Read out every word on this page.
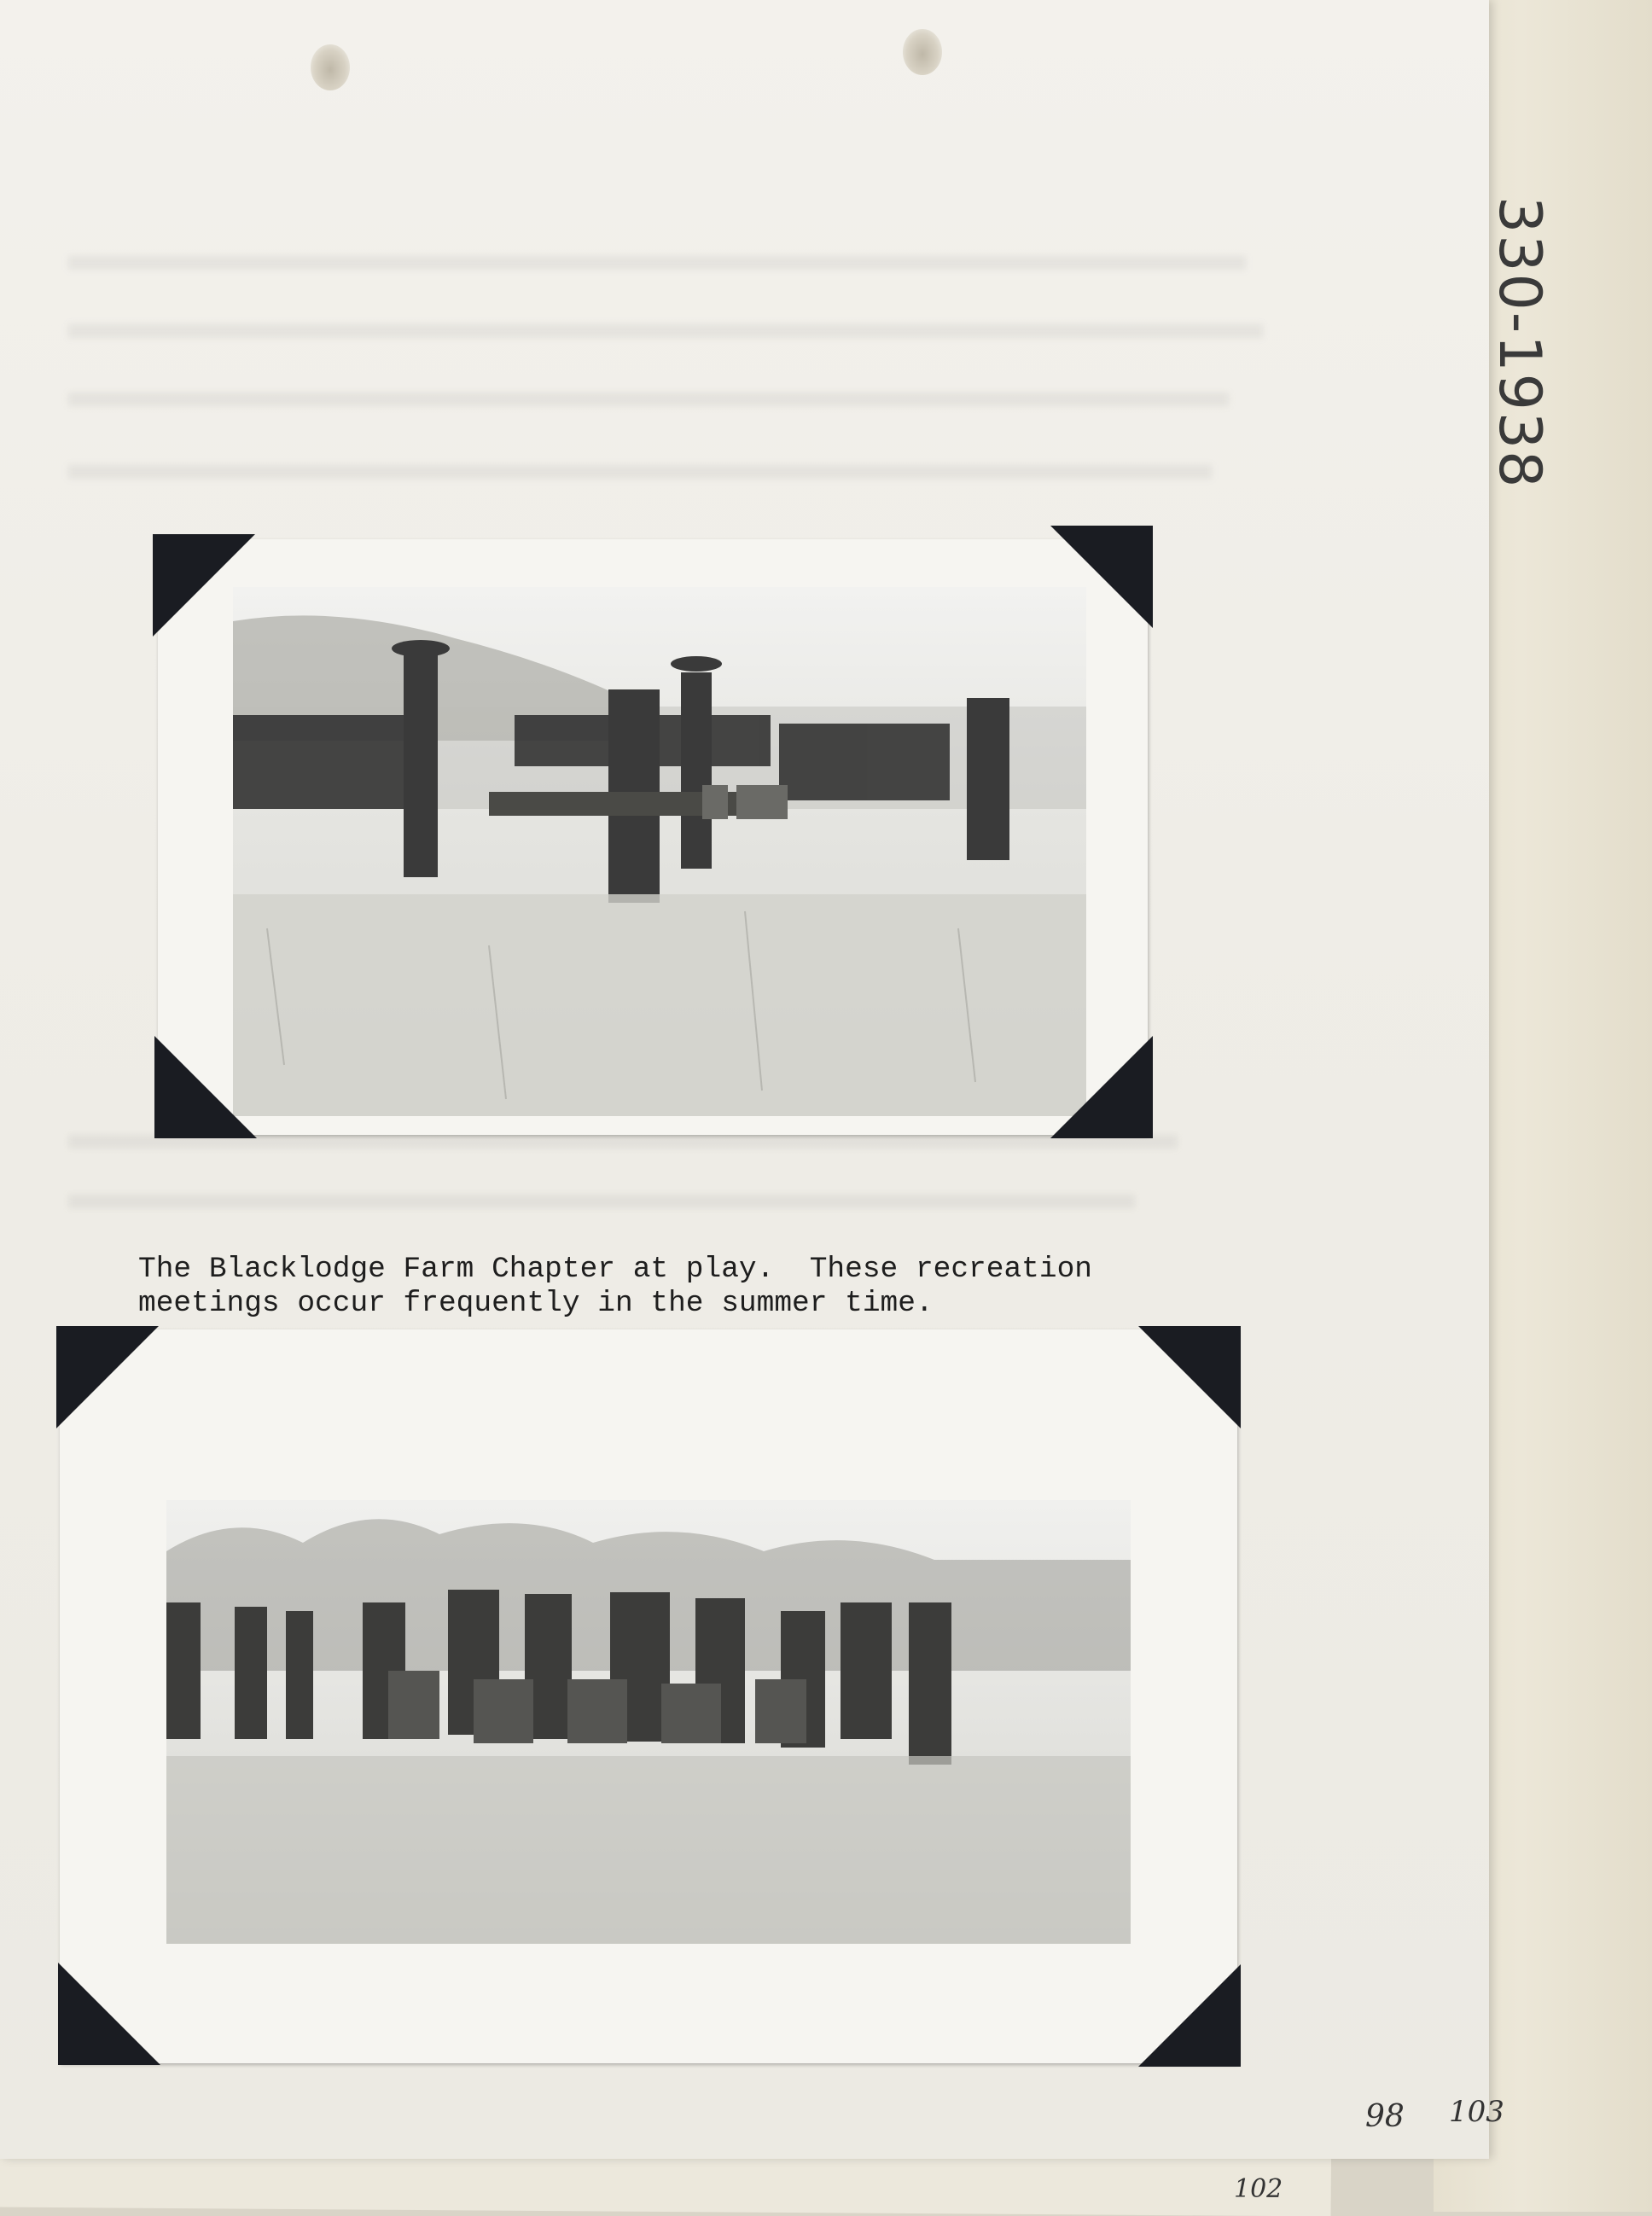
The Blacklodge Farm Chapter at play.  These recreation
meetings occur frequently in the summer time.
98 103
330-1938
102
